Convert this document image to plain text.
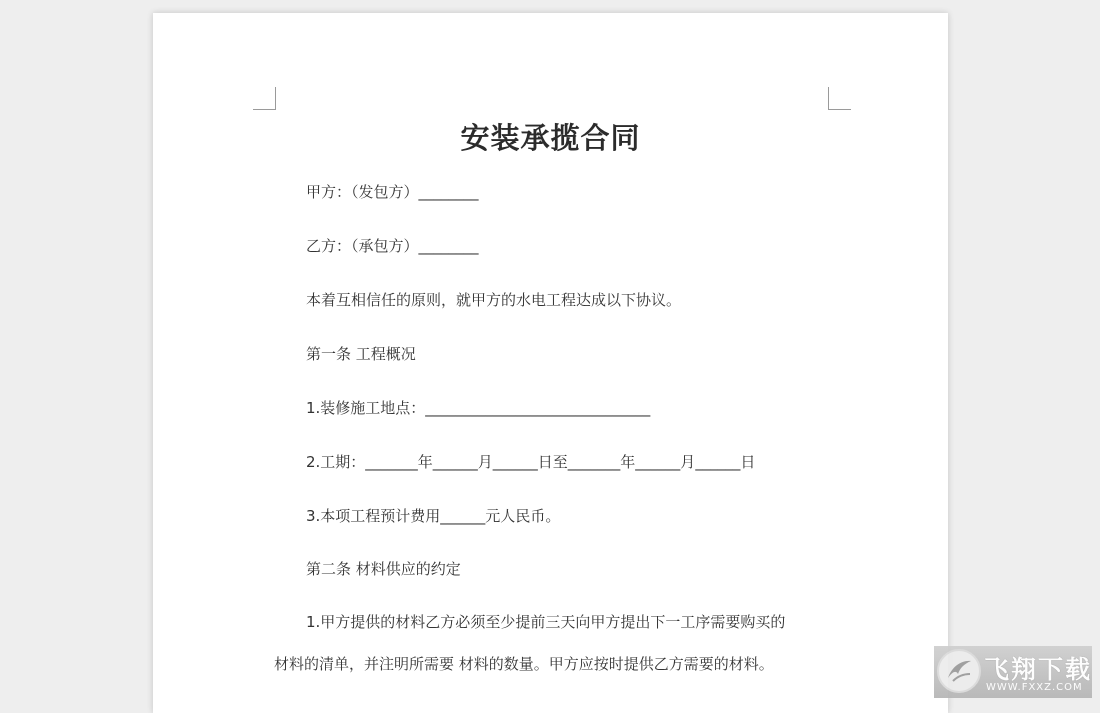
安装承揽合同
甲方：（发包方）________
乙方：（承包方）________
本着互相信任的原则，就甲方的水电工程达成以下协议。
第一条 工程概况
1.装修施工地点：______________________________
2.工期：_______年______月______日至_______年______月______日
3.本项工程预计费用______元人民币。
第二条 材料供应的约定
1.甲方提供的材料乙方必须至少提前三天向甲方提出下一工序需要购买的
材料的清单，并注明所需要 材料的数量。甲方应按时提供乙方需要的材料。	飞翔下载
WWW.FXXZ.COM
